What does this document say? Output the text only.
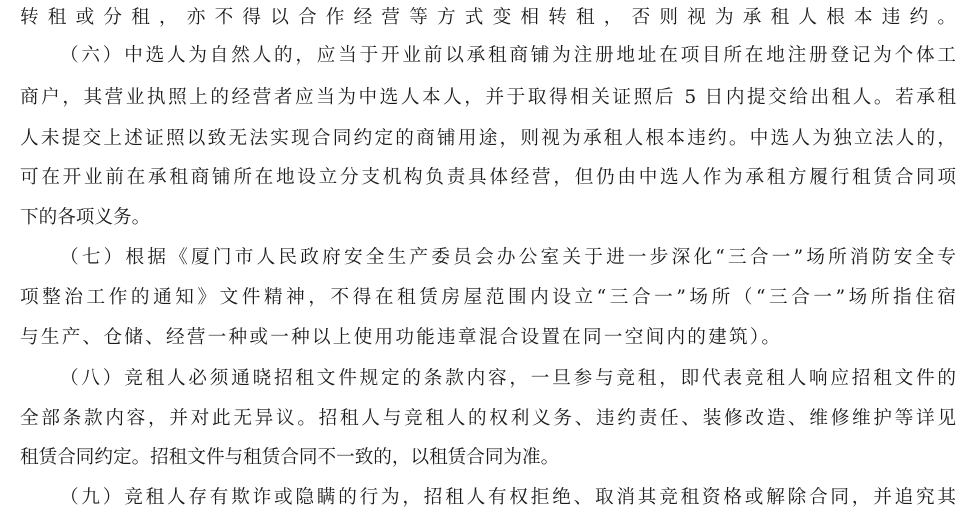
转租或分租，亦不得以合作经营等方式变相转租，否则视为承租人根本违约。
（六）中选人为自然人的，应当于开业前以承租商铺为注册地址在项目所在地注册登记为个体工
商户，其营业执照上的经营者应当为中选人本人，并于取得相关证照后 5 日内提交给出租人。若承租
人未提交上述证照以致无法实现合同约定的商铺用途，则视为承租人根本违约。中选人为独立法人的，
可在开业前在承租商铺所在地设立分支机构负责具体经营，但仍由中选人作为承租方履行租赁合同项
下的各项义务。
（七）根据《厦门市人民政府安全生产委员会办公室关于进一步深化“三合一”场所消防安全专
项整治工作的通知》文件精神，不得在租赁房屋范围内设立“三合一”场所（“三合一”场所指住宿
与生产、仓储、经营一种或一种以上使用功能违章混合设置在同一空间内的建筑）。
（八）竞租人必须通晓招租文件规定的条款内容，一旦参与竞租，即代表竞租人响应招租文件的
全部条款内容，并对此无异议。招租人与竞租人的权利义务、违约责任、装修改造、维修维护等详见
租赁合同约定。招租文件与租赁合同不一致的，以租赁合同为准。
（九）竞租人存有欺诈或隐瞒的行为，招租人有权拒绝、取消其竞租资格或解除合同，并追究其
